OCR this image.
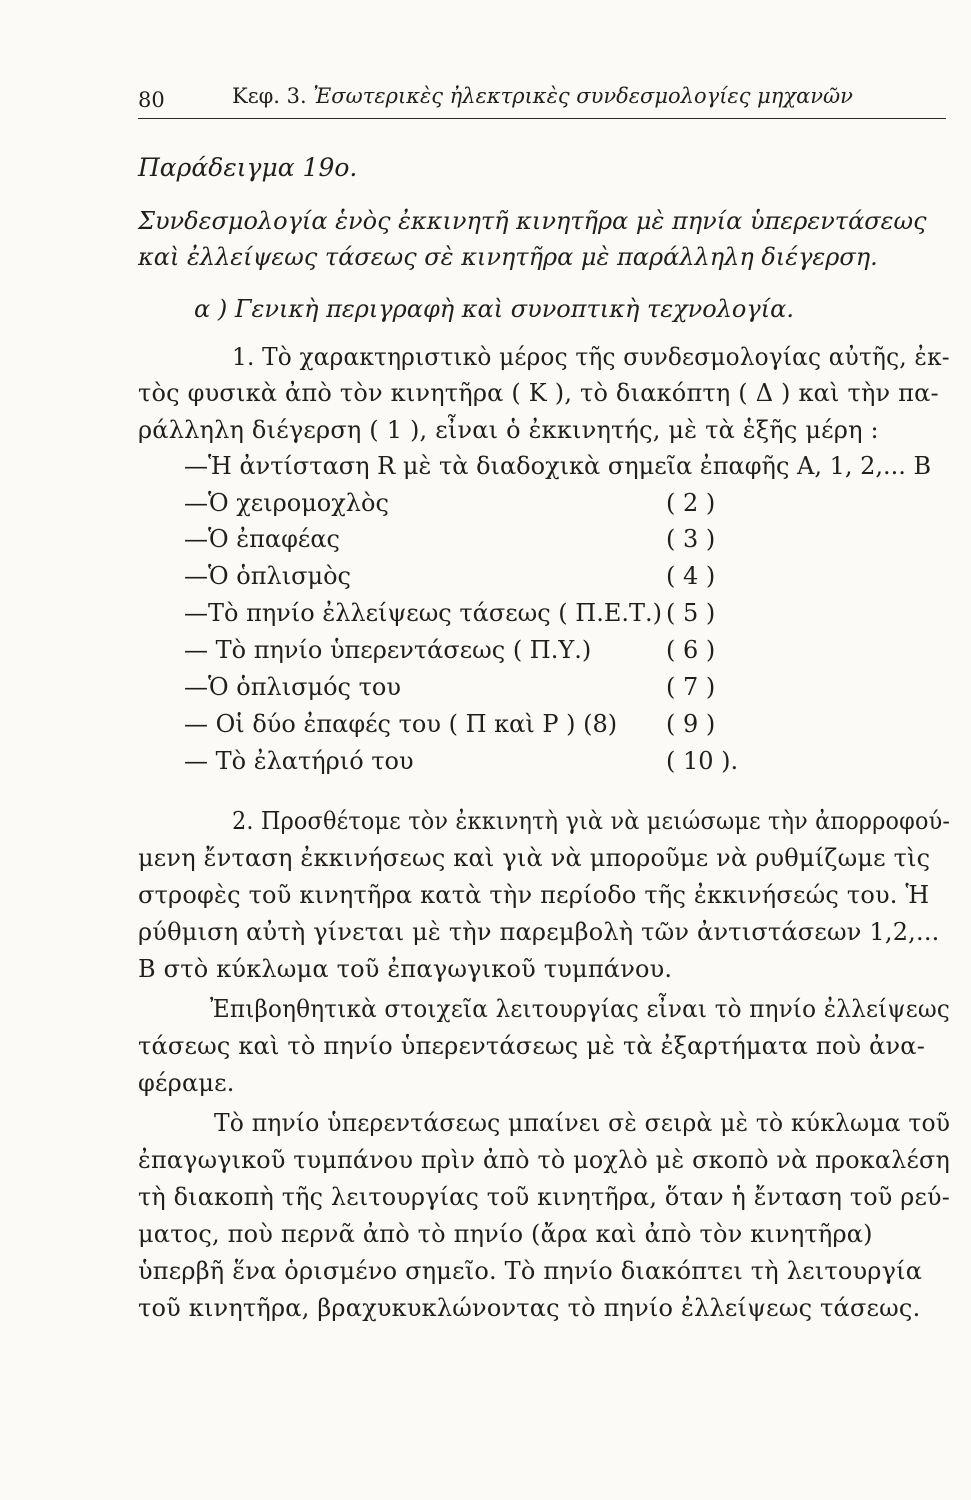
80	Κεφ. 3. Ἐσωτερικὲς ἠλεκτρικὲς συνδεσμολογίες μηχανῶν
Παράδειγμα 19ο.
Συνδεσμολογία ἑνὸς ἐκκινητῆ κινητῆρα μὲ πηνία ὑπερεντάσεως
καὶ ἐλλείψεως τάσεως σὲ κινητῆρα μὲ παράλληλη διέγερση.
α ) Γενικὴ περιγραφὴ καὶ συνοπτικὴ τεχνολογία.
1. Τὸ χαρακτηριστικὸ μέρος τῆς συνδεσμολογίας αὐτῆς, ἐκ-
τὸς φυσικὰ ἀπὸ τὸν κινητῆρα ( Κ ), τὸ διακόπτη ( Δ ) καὶ τὴν πα-
ράλληλη διέγερση ( 1 ), εἶναι ὁ ἐκκινητής, μὲ τὰ ἑξῆς μέρη :
—Ἡ ἀντίσταση R μὲ τὰ διαδοχικὰ σημεῖα ἐπαφῆς Α, 1, 2,... Β
—Ὁ χειρομοχλὸς	( 2 )
—Ὁ ἐπαφέας	( 3 )
—Ὁ ὁπλισμὸς	( 4 )
—Τὸ πηνίο ἐλλείψεως τάσεως ( Π.Ε.Τ.) ( 5 )
— Τὸ πηνίο ὑπερεντάσεως ( Π.Υ.)	( 6 )
—Ὁ ὁπλισμός του	( 7 )
— Οἱ δύο ἐπαφές του ( Π καὶ Ρ ) (8) ( 9 )
— Τὸ ἐλατήριό του	( 10 ).
2. Προσθέτομε τὸν ἐκκινητὴ γιὰ νὰ μειώσωμε τὴν ἀπορροφού-
μενη ἔνταση ἐκκινήσεως καὶ γιὰ νὰ μποροῦμε νὰ ρυθμίζωμε τὶς
στροφὲς τοῦ κινητῆρα κατὰ τὴν περίοδο τῆς ἐκκινήσεώς του. Ἡ
ρύθμιση αὐτὴ γίνεται μὲ τὴν παρεμβολὴ τῶν ἀντιστάσεων 1,2,...
Β στὸ κύκλωμα τοῦ ἐπαγωγικοῦ τυμπάνου.
Ἐπιβοηθητικὰ στοιχεῖα λειτουργίας εἶναι τὸ πηνίο ἐλλείψεως
τάσεως καὶ τὸ πηνίο ὑπερεντάσεως μὲ τὰ ἐξαρτήματα ποὺ ἀνα-
φέραμε.
Τὸ πηνίο ὑπερεντάσεως μπαίνει σὲ σειρὰ μὲ τὸ κύκλωμα τοῦ
ἐπαγωγικοῦ τυμπάνου πρὶν ἀπὸ τὸ μοχλὸ μὲ σκοπὸ νὰ προκαλέση
τὴ διακοπὴ τῆς λειτουργίας τοῦ κινητῆρα, ὅταν ἡ ἔνταση τοῦ ρεύ-
ματος, ποὺ περνᾶ ἀπὸ τὸ πηνίο (ἄρα καὶ ἀπὸ τὸν κινητῆρα)
ὑπερβῆ ἕνα ὁρισμένο σημεῖο. Τὸ πηνίο διακόπτει τὴ λειτουργία
τοῦ κινητῆρα, βραχυκυκλώνοντας τὸ πηνίο ἐλλείψεως τάσεως.
